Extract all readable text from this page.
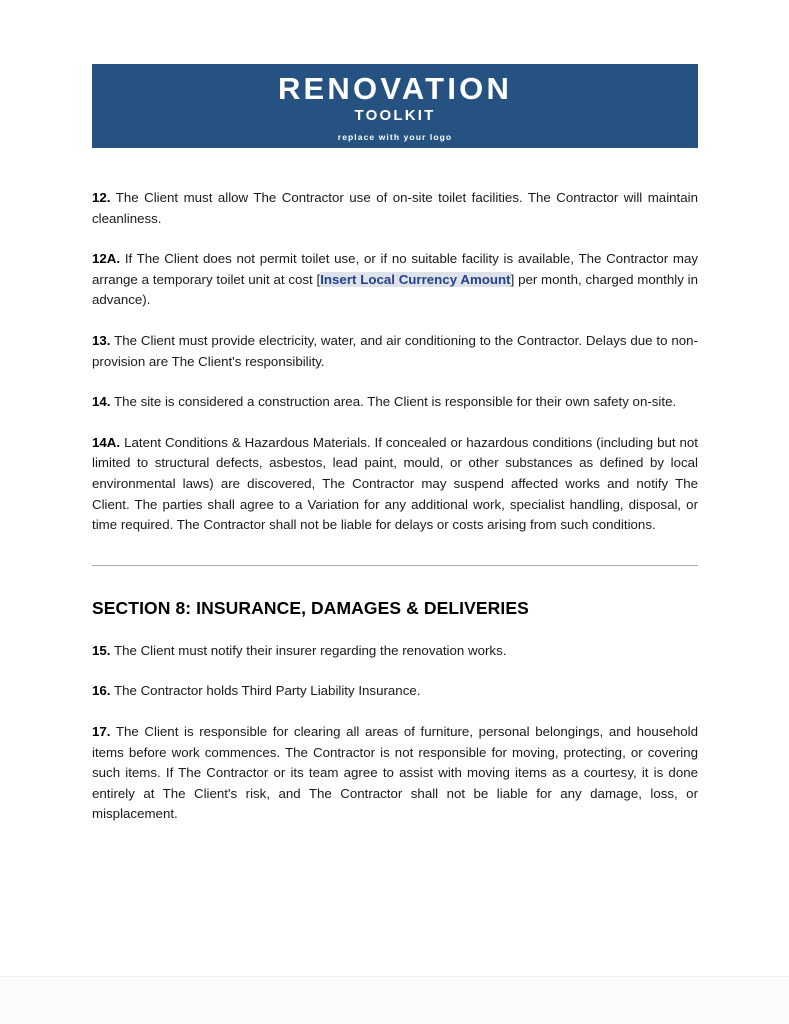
RENOVATION
TOOLKIT
replace with your logo

12. The Client must allow The Contractor use of on-site toilet facilities. The Contractor will maintain cleanliness.

12A. If The Client does not permit toilet use, or if no suitable facility is available, The Contractor may arrange a temporary toilet unit at cost [Insert Local Currency Amount] per month, charged monthly in advance).

13. The Client must provide electricity, water, and air conditioning to the Contractor. Delays due to non-provision are The Client's responsibility.

14. The site is considered a construction area. The Client is responsible for their own safety on-site.

14A. Latent Conditions & Hazardous Materials. If concealed or hazardous conditions (including but not limited to structural defects, asbestos, lead paint, mould, or other substances as defined by local environmental laws) are discovered, The Contractor may suspend affected works and notify The Client. The parties shall agree to a Variation for any additional work, specialist handling, disposal, or time required. The Contractor shall not be liable for delays or costs arising from such conditions.

SECTION 8: INSURANCE, DAMAGES & DELIVERIES

15. The Client must notify their insurer regarding the renovation works.

16. The Contractor holds Third Party Liability Insurance.

17. The Client is responsible for clearing all areas of furniture, personal belongings, and household items before work commences. The Contractor is not responsible for moving, protecting, or covering such items. If The Contractor or its team agree to assist with moving items as a courtesy, it is done entirely at The Client's risk, and The Contractor shall not be liable for any damage, loss, or misplacement.
